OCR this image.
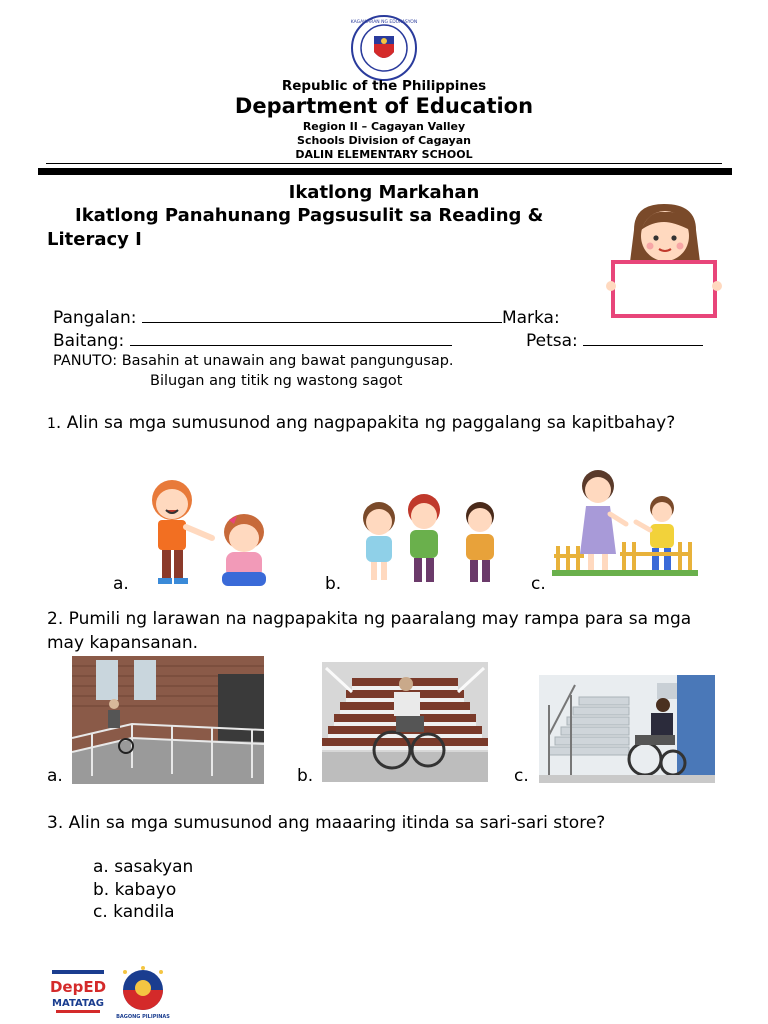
KAGAWARAN NG EDUKASYON
Republic of the Philippines
Department of Education
Region II – Cagayan Valley
Schools Division of Cagayan
DALIN ELEMENTARY SCHOOL
Ikatlong Markahan
Ikatlong Panahunang Pagsusulit sa Reading &
Literacy I
Pangalan:	Marka:
Baitang:	Petsa:
PANUTO: Basahin at unawain ang bawat pangungusap.
Bilugan ang titik ng wastong sagot
1. Alin sa mga sumusunod ang nagpapakita ng paggalang sa kapitbahay?
a.	b.	c.
2. Pumili ng larawan na nagpapakita ng paaralang may rampa para sa mga may kapansanan.
a.	b.	c.
3. Alin sa mga sumusunod ang maaaring itinda sa sari-sari store?
a. sasakyan
b. kabayo
c. kandila
DepED
MATATAG
BAGONG PILIPINAS
